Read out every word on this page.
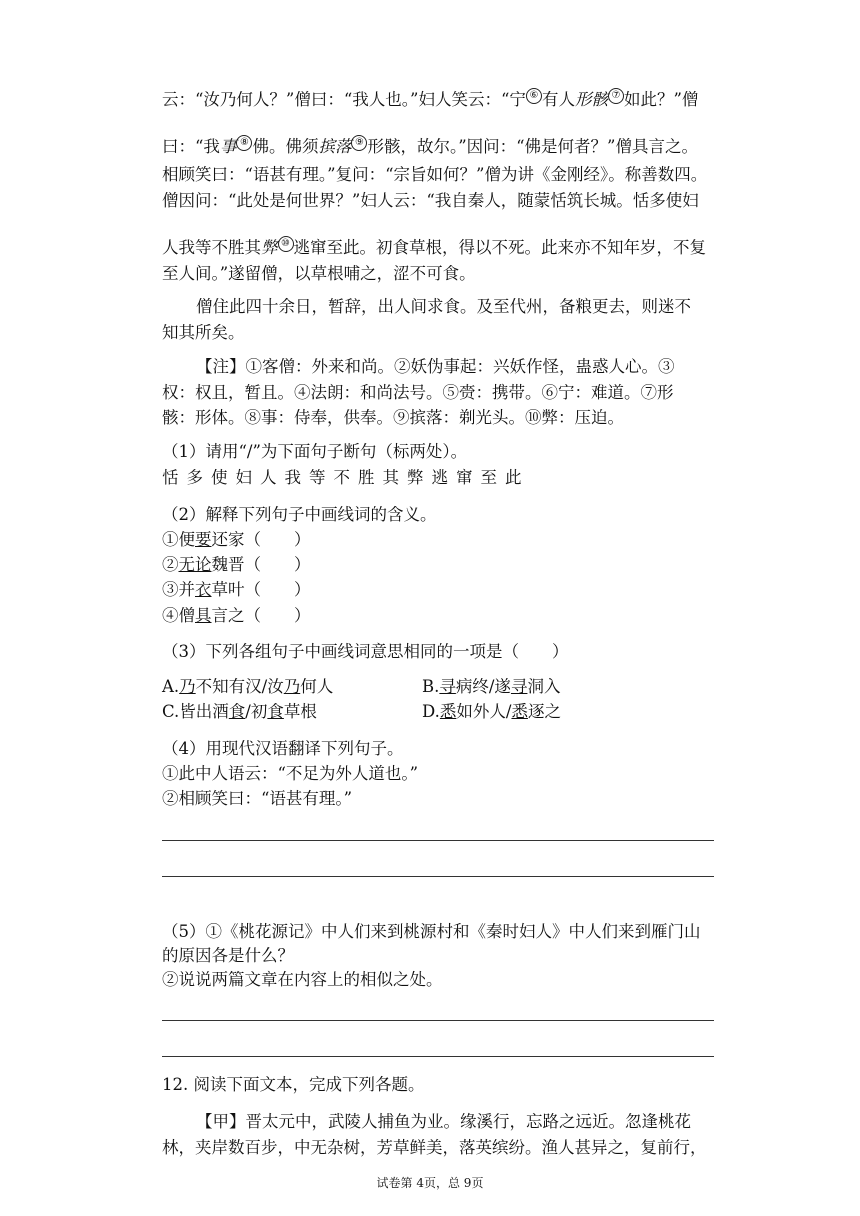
云：“汝乃何人？”僧曰：“我人也。”妇人笑云：“宁 ⑥ 有人形骸 ⑦ 如此？”僧
曰：“我事 ⑧ 佛。佛须摈落 ⑨ 形骸，故尔。”因问：“佛是何者？”僧具言之。
相顾笑曰：“语甚有理。”复问：“宗旨如何？”僧为讲《金刚经》。称善数四。
僧因问：“此处是何世界？”妇人云：“我自秦人，随蒙恬筑长城。恬多使妇
人我等不胜其弊 ⑩ 逃窜至此。初食草根，得以不死。此来亦不知年岁，不复
至人间。”遂留僧，以草根哺之，涩不可食。
僧住此四十余日，暂辞，出人间求食。及至代州，备粮更去，则迷不
知其所矣。
【注】①客僧：外来和尚。②妖伪事起：兴妖作怪，蛊惑人心。③
权：权且，暂且。④法朗：和尚法号。⑤赍：携带。⑥宁：难道。⑦形
骸：形体。⑧事：侍奉，供奉。⑨摈落：剃光头。⑩弊：压迫。
（1）请用“/”为下面句子断句（标两处）。
恬多使妇人我等不胜其弊逃窜至此
（2）解释下列句子中画线词的含义。
①便要还家（　　）
②无论魏晋（　　）
③并衣草叶（　　）
④僧具言之（　　）
（3）下列各组句子中画线词意思相同的一项是（　　）
A.乃不知有汉/汝乃何人	B.寻病终/遂寻洞入
C.皆出酒食/初食草根	D.悉如外人/悉逐之
（4）用现代汉语翻译下列句子。
①此中人语云：“不足为外人道也。”
②相顾笑曰：“语甚有理。”
（5）①《桃花源记》中人们来到桃源村和《秦时妇人》中人们来到雁门山
的原因各是什么？
②说说两篇文章在内容上的相似之处。
12. 阅读下面文本，完成下列各题。
【甲】晋太元中，武陵人捕鱼为业。缘溪行，忘路之远近。忽逢桃花
林，夹岸数百步，中无杂树，芳草鲜美，落英缤纷。渔人甚异之，复前行，
试卷第 4页，总 9页
